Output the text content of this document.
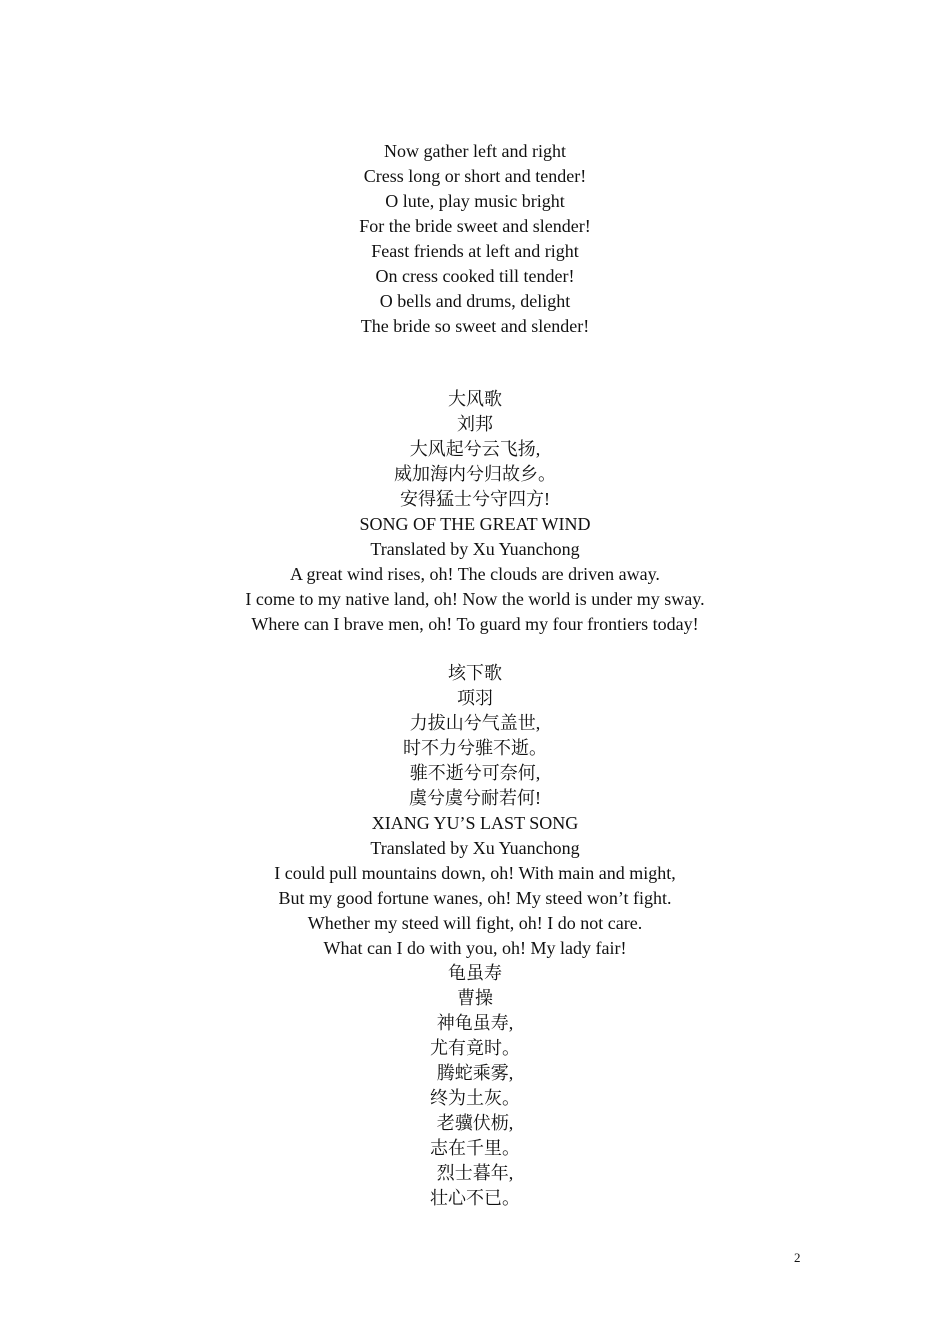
Now gather left and right
Cress long or short and tender!
O lute, play music bright
For the bride sweet and slender!
Feast friends at left and right
On cress cooked till tender!
O bells and drums, delight
The bride so sweet and slender!
大风歌
刘邦
大风起兮云飞扬,
威加海内兮归故乡。
安得猛士兮守四方!
SONG OF THE GREAT WIND
Translated by Xu Yuanchong
A great wind rises, oh! The clouds are driven away.
I come to my native land, oh! Now the world is under my sway.
Where can I brave men, oh! To guard my four frontiers today!
垓下歌
项羽
力拔山兮气盖世,
时不力兮骓不逝。
骓不逝兮可奈何,
虞兮虞兮耐若何!
XIANG YU’S LAST SONG
Translated by Xu Yuanchong
I could pull mountains down, oh! With main and might,
But my good fortune wanes, oh! My steed won’t fight.
Whether my steed will fight, oh! I do not care.
What can I do with you, oh! My lady fair!
龟虽寿
曹操
神龟虽寿,
尤有竟时。
腾蛇乘雾,
终为土灰。
老骥伏枥,
志在千里。
烈士暮年,
壮心不已。
2
